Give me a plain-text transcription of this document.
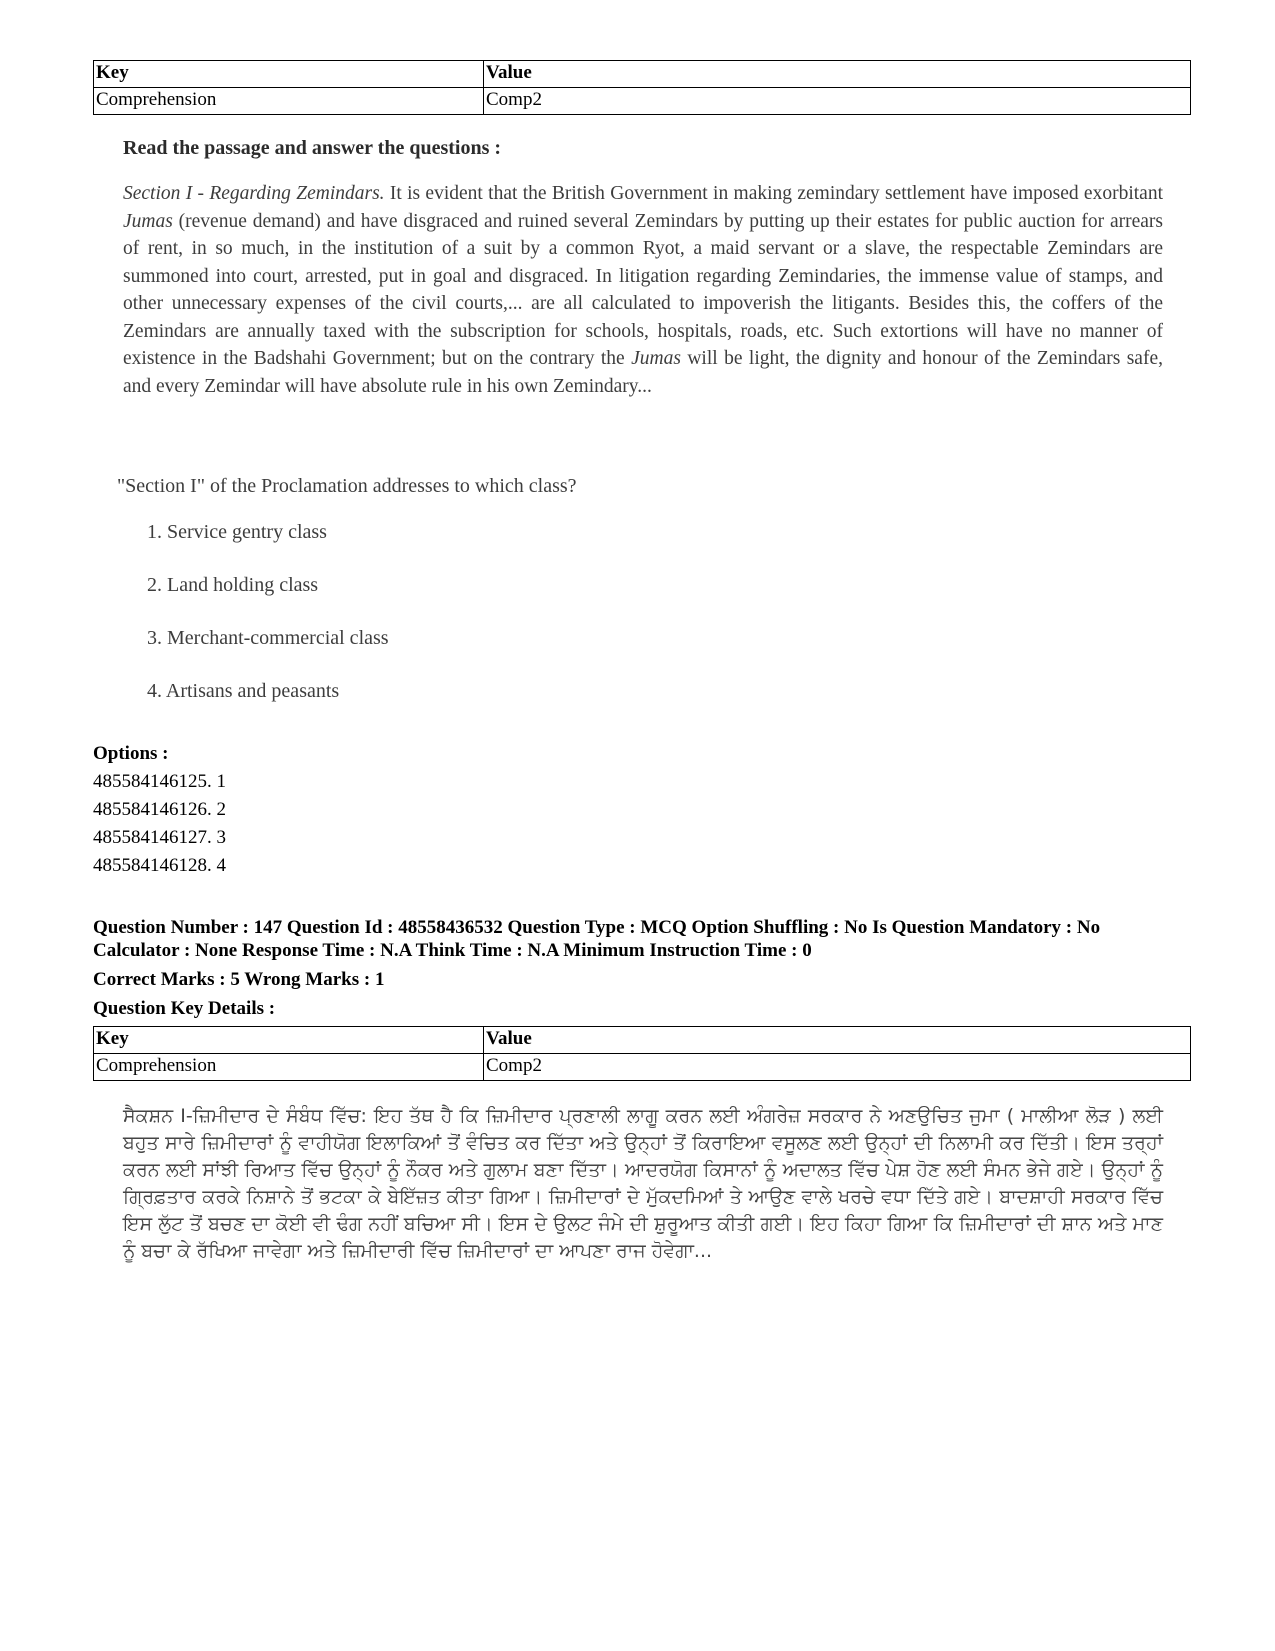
Key	Value
Comprehension	Comp2
Read the passage and answer the questions :
Section I - Regarding Zemindars. It is evident that the British Government in making zemindary settlement have imposed exorbitant Jumas (revenue demand) and have disgraced and ruined several Zemindars by putting up their estates for public auction for arrears of rent, in so much, in the institution of a suit by a common Ryot, a maid servant or a slave, the respectable Zemindars are summoned into court, arrested, put in goal and disgraced. In litigation regarding Zemindaries, the immense value of stamps, and other unnecessary expenses of the civil courts,... are all calculated to impoverish the litigants. Besides this, the coffers of the Zemindars are annually taxed with the subscription for schools, hospitals, roads, etc. Such extortions will have no manner of existence in the Badshahi Government; but on the contrary the Jumas will be light, the dignity and honour of the Zemindars safe, and every Zemindar will have absolute rule in his own Zemindary...
"Section I" of the Proclamation addresses to which class?
1. Service gentry class
2. Land holding class
3. Merchant-commercial class
4. Artisans and peasants
Options :
485584146125. 1
485584146126. 2
485584146127. 3
485584146128. 4
Question Number : 147 Question Id : 48558436532 Question Type : MCQ Option Shuffling : No Is Question Mandatory : No Calculator : None Response Time : N.A Think Time : N.A Minimum Instruction Time : 0
Correct Marks : 5 Wrong Marks : 1
Question Key Details :
Key	Value
Comprehension	Comp2
ਸੈਕਸ਼ਨ I-ਜ਼ਿਮੀਦਾਰ ਦੇ ਸੰਬੰਧ ਵਿੱਚ: ਇਹ ਤੱਥ ਹੈ ਕਿ ਜ਼ਿਮੀਦਾਰ ਪ੍ਰਣਾਲੀ ਲਾਗੂ ਕਰਨ ਲਈ ਅੰਗਰੇਜ਼ ਸਰਕਾਰ ਨੇ ਅਣਉਚਿਤ ਜੁਮਾ ( ਮਾਲੀਆ ਲੋੜ ) ਲਈ ਬਹੁਤ ਸਾਰੇ ਜ਼ਿਮੀਦਾਰਾਂ ਨੂੰ ਵਾਹੀਯੋਗ ਇਲਾਕਿਆਂ ਤੋਂ ਵੰਚਿਤ ਕਰ ਦਿੱਤਾ ਅਤੇ ਉਨ੍ਹਾਂ ਤੋਂ ਕਿਰਾਇਆ ਵਸੂਲਣ ਲਈ ਉਨ੍ਹਾਂ ਦੀ ਨਿਲਾਮੀ ਕਰ ਦਿੱਤੀ। ਇਸ ਤਰ੍ਹਾਂ ਕਰਨ ਲਈ ਸਾਂਝੀ ਰਿਆਤ ਵਿੱਚ ਉਨ੍ਹਾਂ ਨੂੰ ਨੌਕਰ ਅਤੇ ਗੁਲਾਮ ਬਣਾ ਦਿੱਤਾ। ਆਦਰਯੋਗ ਕਿਸਾਨਾਂ ਨੂੰ ਅਦਾਲਤ ਵਿੱਚ ਪੇਸ਼ ਹੋਣ ਲਈ ਸੰਮਨ ਭੇਜੇ ਗਏ। ਉਨ੍ਹਾਂ ਨੂੰ ਗ੍ਰਿਫ਼ਤਾਰ ਕਰਕੇ ਨਿਸ਼ਾਨੇ ਤੋਂ ਭਟਕਾ ਕੇ ਬੇਇੱਜ਼ਤ ਕੀਤਾ ਗਿਆ। ਜ਼ਿਮੀਦਾਰਾਂ ਦੇ ਮੁੱਕਦਮਿਆਂ ਤੇ ਆਉਣ ਵਾਲੇ ਖਰਚੇ ਵਧਾ ਦਿੱਤੇ ਗਏ। ਬਾਦਸ਼ਾਹੀ ਸਰਕਾਰ ਵਿੱਚ ਇਸ ਲੁੱਟ ਤੋਂ ਬਚਣ ਦਾ ਕੋਈ ਵੀ ਢੰਗ ਨਹੀਂ ਬਚਿਆ ਸੀ। ਇਸ ਦੇ ਉਲਟ ਜੰਮੇ ਦੀ ਸ਼ੁਰੂਆਤ ਕੀਤੀ ਗਈ। ਇਹ ਕਿਹਾ ਗਿਆ ਕਿ ਜ਼ਿਮੀਦਾਰਾਂ ਦੀ ਸ਼ਾਨ ਅਤੇ ਮਾਣ ਨੂੰ ਬਚਾ ਕੇ ਰੱਖਿਆ ਜਾਵੇਗਾ ਅਤੇ ਜ਼ਿਮੀਦਾਰੀ ਵਿੱਚ ਜ਼ਿਮੀਦਾਰਾਂ ਦਾ ਆਪਣਾ ਰਾਜ ਹੋਵੇਗਾ...
